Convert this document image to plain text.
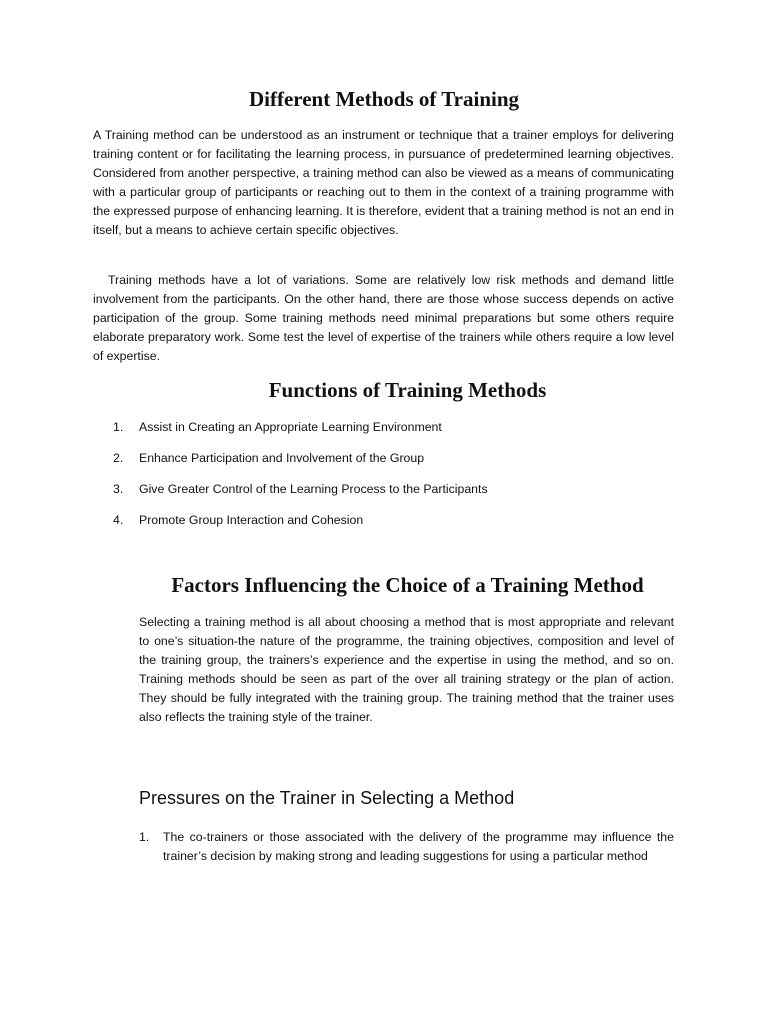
Different Methods of Training

A Training method can be understood as an instrument or technique that a trainer employs for delivering training content or for facilitating the learning process, in pursuance of predetermined learning objectives. Considered from another perspective, a training method can also be viewed as a means of communicating with a particular group of participants or reaching out to them in the context of a training programme with the expressed purpose of enhancing learning. It is therefore, evident that a training method is not an end in itself, but a means to achieve certain specific objectives.

Training methods have a lot of variations. Some are relatively low risk methods and demand little involvement from the participants. On the other hand, there are those whose success depends on active participation of the group. Some training methods need minimal preparations but some others require elaborate preparatory work. Some test the level of expertise of the trainers while others require a low level of expertise.

Functions of Training Methods
1.	Assist in Creating an Appropriate Learning Environment
2.	Enhance Participation and Involvement of the Group
3.	Give Greater Control of the Learning Process to the Participants
4.	Promote Group Interaction and Cohesion
Factors Influencing the Choice of a Training Method

Selecting a training method is all about choosing a method that is most appropriate and relevant to one’s situation-the nature of the programme, the training objectives, composition and level of the training group, the trainers’s experience and the expertise in using the method, and so on. Training methods should be seen as part of the over all training strategy or the plan of action. They should be fully integrated with the training group. The training method that the trainer uses also reflects the training style of the trainer.

Pressures on the Trainer in Selecting a Method
1.	The co-trainers or those associated with the delivery of the programme may influence the trainer’s decision by making strong and leading suggestions for using a particular method
